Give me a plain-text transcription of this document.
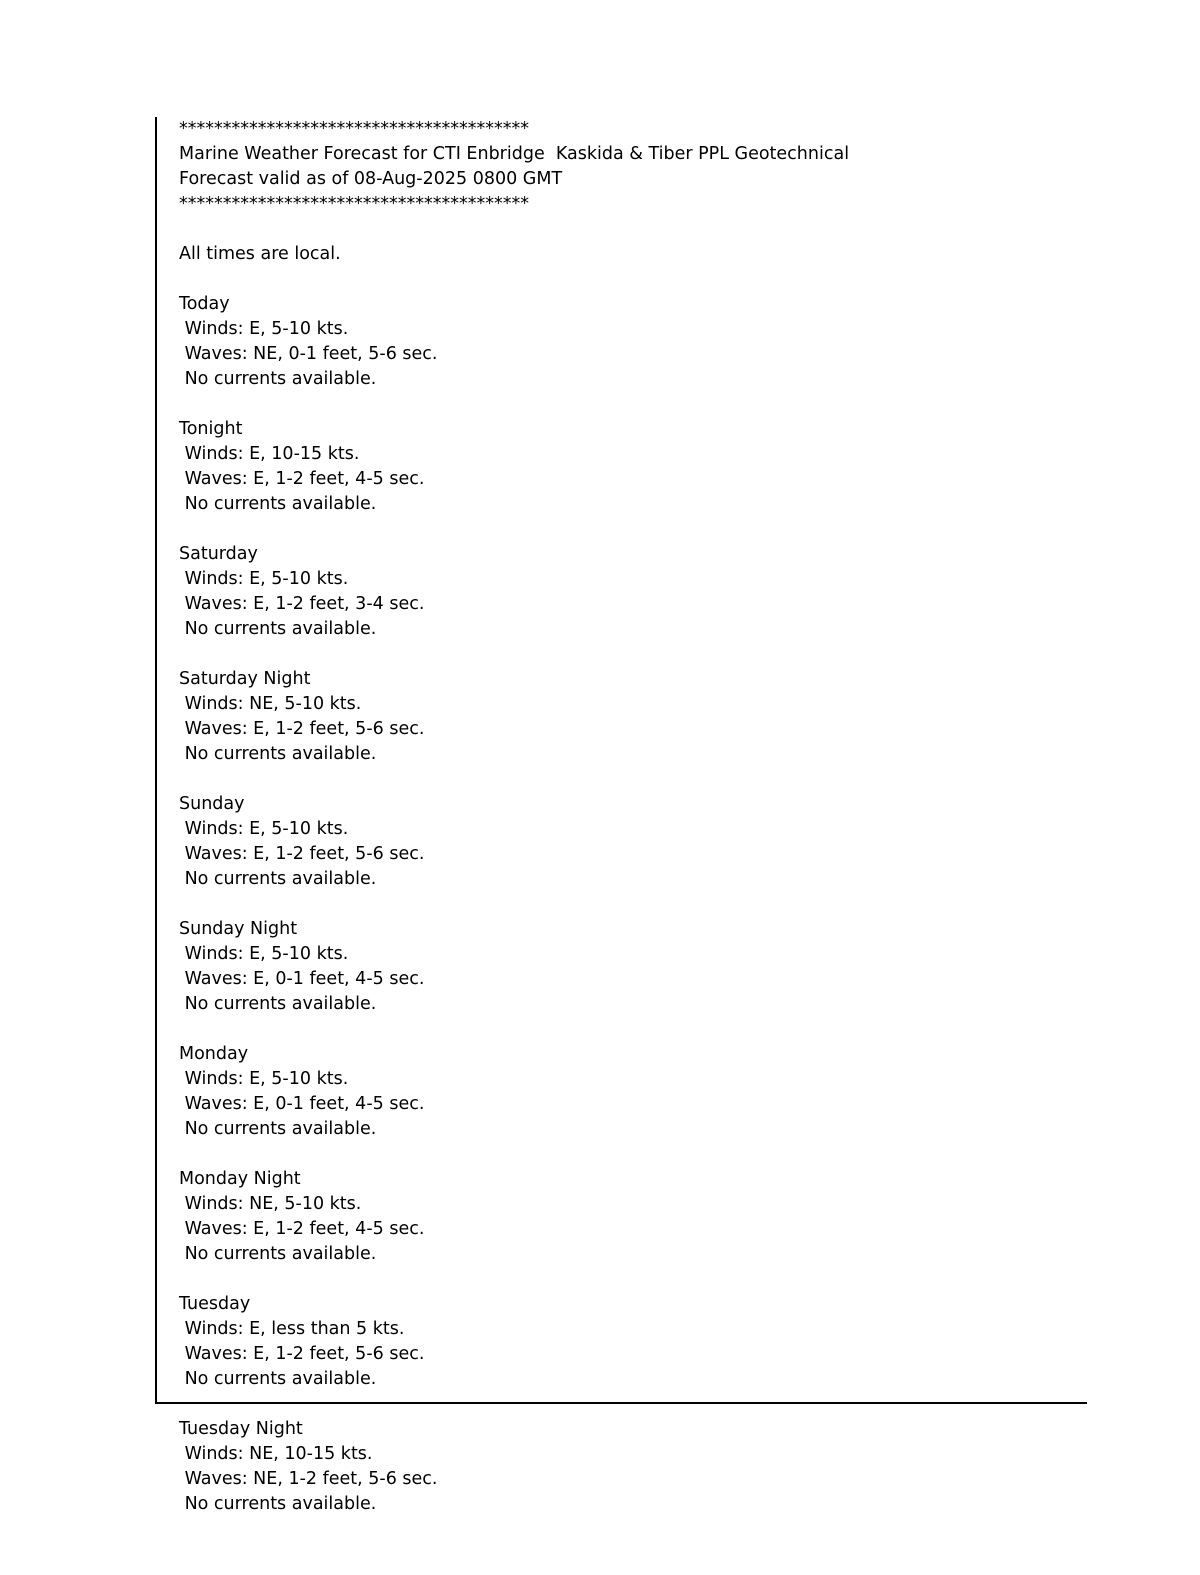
****************************************
Marine Weather Forecast for CTI Enbridge  Kaskida & Tiber PPL Geotechnical
Forecast valid as of 08-Aug-2025 0800 GMT
****************************************
All times are local.
Today
Winds: E, 5-10 kts.
Waves: NE, 0-1 feet, 5-6 sec.
No currents available.
Tonight
Winds: E, 10-15 kts.
Waves: E, 1-2 feet, 4-5 sec.
No currents available.
Saturday
Winds: E, 5-10 kts.
Waves: E, 1-2 feet, 3-4 sec.
No currents available.
Saturday Night
Winds: NE, 5-10 kts.
Waves: E, 1-2 feet, 5-6 sec.
No currents available.
Sunday
Winds: E, 5-10 kts.
Waves: E, 1-2 feet, 5-6 sec.
No currents available.
Sunday Night
Winds: E, 5-10 kts.
Waves: E, 0-1 feet, 4-5 sec.
No currents available.
Monday
Winds: E, 5-10 kts.
Waves: E, 0-1 feet, 4-5 sec.
No currents available.
Monday Night
Winds: NE, 5-10 kts.
Waves: E, 1-2 feet, 4-5 sec.
No currents available.
Tuesday
Winds: E, less than 5 kts.
Waves: E, 1-2 feet, 5-6 sec.
No currents available.
Tuesday Night
Winds: NE, 10-15 kts.
Waves: NE, 1-2 feet, 5-6 sec.
No currents available.
